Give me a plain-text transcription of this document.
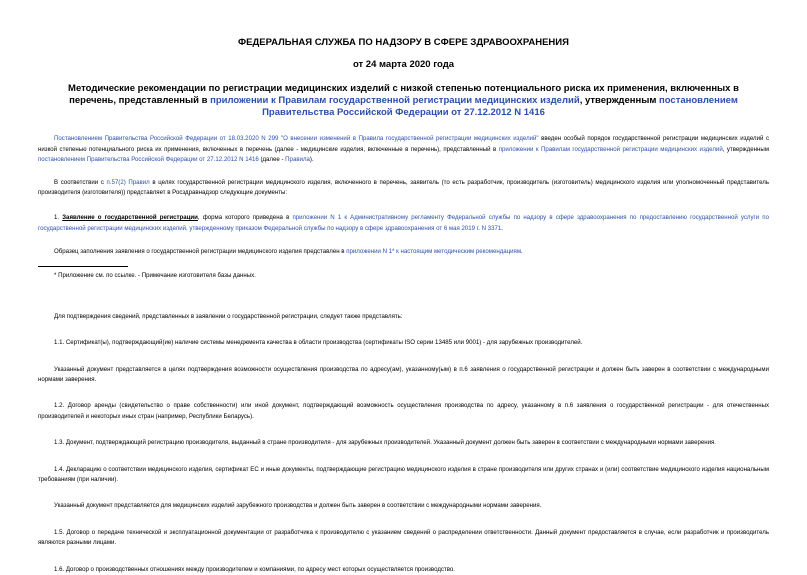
ФЕДЕРАЛЬНАЯ СЛУЖБА ПО НАДЗОРУ В СФЕРЕ ЗДРАВООХРАНЕНИЯ

от 24 марта 2020 года

Методические рекомендации по регистрации медицинских изделий с низкой степенью потенциального риска их применения, включенных в перечень, представленный в приложении к Правилам государственной регистрации медицинских изделий, утвержденным постановлением Правительства Российской Федерации от 27.12.2012 N 1416

Постановлением Правительства Российской Федерации от 18.03.2020 N 299 "О внесении изменений в Правила государственной регистрации медицинских изделий" введен особый порядок государственной регистрации медицинских изделий с низкой степенью потенциального риска их применения, включенных в перечень (далее - медицинские изделия, включенные в перечень), представленный в приложении к Правилам государственной регистрации медицинских изделий, утвержденным постановлением Правительства Российской Федерации от 27.12.2012 N 1416 (далее - Правила).

В соответствии с п.57(2) Правил в целях государственной регистрации медицинского изделия, включенного в перечень, заявитель (то есть разработчик, производитель (изготовитель) медицинского изделия или уполномоченный представитель производителя (изготовителя)) представляет в Росздравнадзор следующие документы:

1. Заявление о государственной регистрации, форма которого приведена в приложении N 1 к Административному регламенту Федеральной службы по надзору в сфере здравоохранения по предоставлению государственной услуги по государственной регистрации медицинских изделий, утвержденному приказом Федеральной службы по надзору в сфере здравоохранения от 6 мая 2019 г. N 3371.

Образец заполнения заявления о государственной регистрации медицинского изделия представлен в приложении N 1* к настоящим методическим рекомендациям.

* Приложение см. по ссылке. - Примечание изготовителя базы данных.

Для подтверждения сведений, представленных в заявлении о государственной регистрации, следует также представлять:

1.1. Сертификат(ы), подтверждающий(ие) наличие системы менеджмента качества в области производства (сертификаты ISO серии 13485 или 9001) - для зарубежных производителей.

Указанный документ представляется в целях подтверждения возможности осуществления производства по адресу(ам), указанному(ым) в п.6 заявления о государственной регистрации и должен быть заверен в соответствии с международными нормами заверения.

1.2. Договор аренды (свидетельство о праве собственности) или иной документ, подтверждающий возможность осуществления производства по адресу, указанному в п.6 заявления о государственной регистрации - для отечественных производителей и некоторых иных стран (например, Республики Беларусь).

1.3. Документ, подтверждающий регистрацию производителя, выданный в стране производителя - для зарубежных производителей. Указанный документ должен быть заверен в соответствии с международными нормами заверения.

1.4. Декларацию о соответствии медицинского изделия, сертификат ЕС и иные документы, подтверждающие регистрацию медицинского изделия в стране производителя или других странах и (или) соответствие медицинского изделия национальным требованиям (при наличии).

Указанный документ представляется для медицинских изделий зарубежного производства и должен быть заверен в соответствии с международными нормами заверения.

1.5. Договор о передаче технической и эксплуатационной документации от разработчика к производителю с указанием сведений о распределении ответственности. Данный документ предоставляется в случае, если разработчик и производитель являются разными лицами.

1.6. Договор о производственных отношениях между производителем и компаниями, по адресу мест которых осуществляется производство.
